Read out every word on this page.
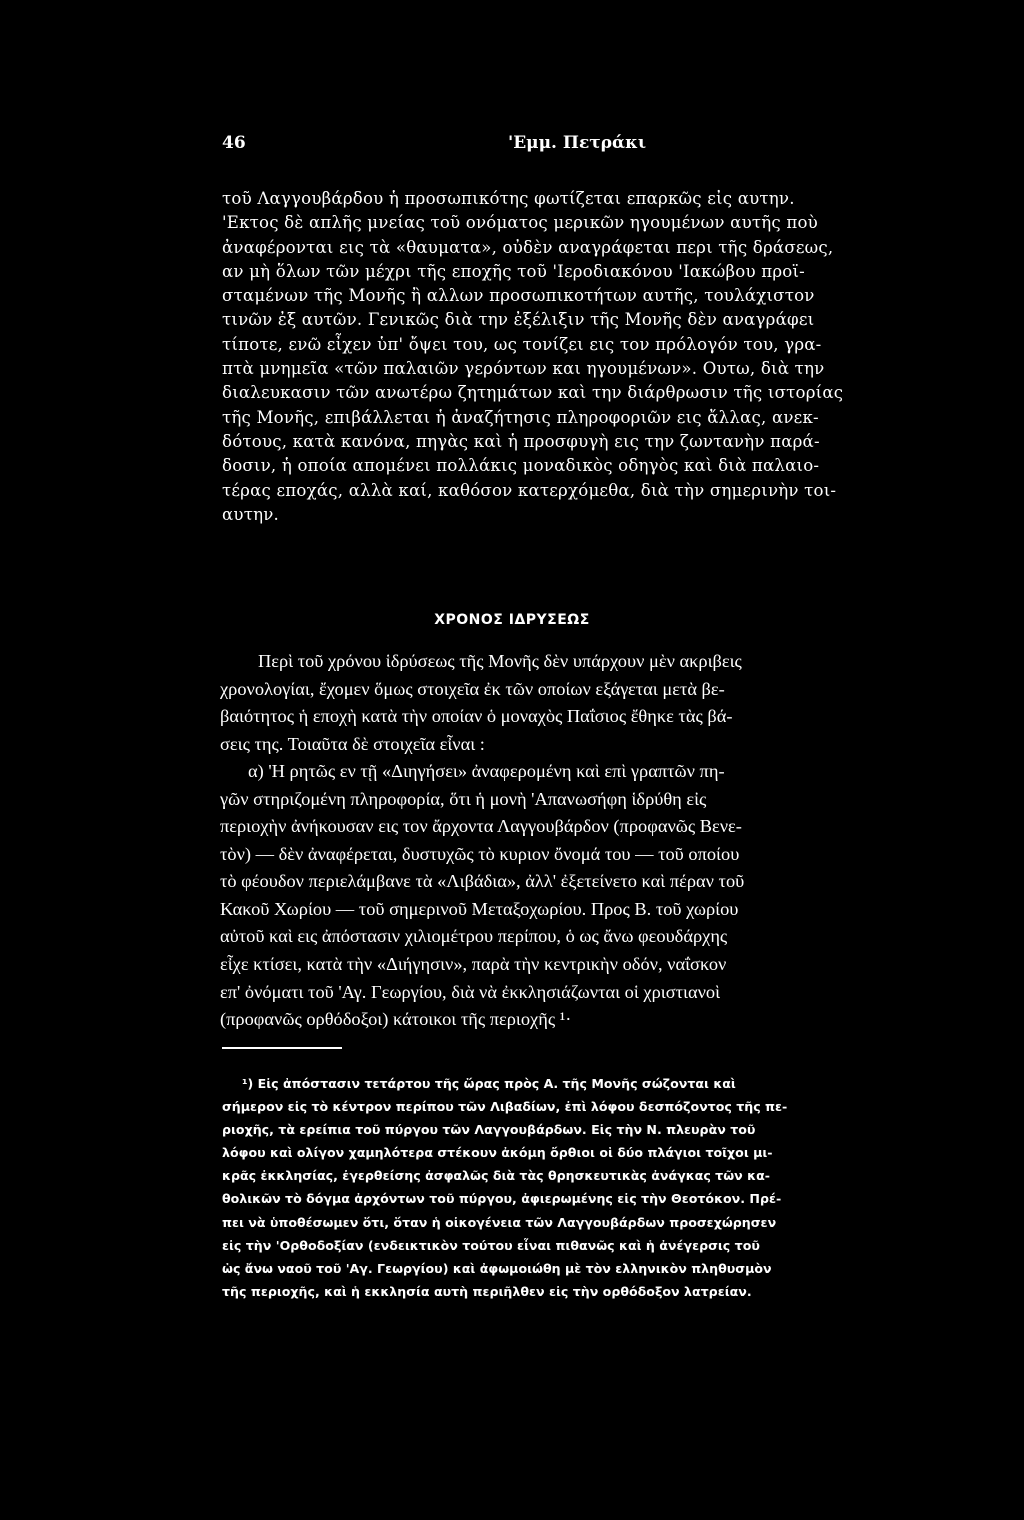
46	'Εμμ. Πετράκι
τοῦ Λαγγουβάρδου ἡ προσωπικότης φωτίζεται επαρκῶς εἰς αυτην.
'Εκτος δὲ απλῆς μνείας τοῦ ονόματος μερικῶν ηγουμένων αυτῆς ποὺ
ἀναφέρονται εις τὰ «θαυματα», οὐδὲν αναγράφεται περι τῆς δράσεως,
αν μὴ ὅλων τῶν μέχρι τῆς εποχῆς τοῦ 'Ιεροδιακόνου 'Ιακώβου προϊ-
σταμένων τῆς Μονῆς ἢ αλλων προσωπικοτήτων αυτῆς, τουλάχιστον
τινῶν ἐξ αυτῶν. Γενικῶς διὰ την ἐξέλιξιν τῆς Μονῆς δὲν αναγράφει
τίποτε, ενῶ εἶχεν ὑπ' ὄψει του, ως τονίζει εις τον πρόλογόν του, γρα-
πτὰ μνημεῖα «τῶν παλαιῶν γερόντων και ηγουμένων». Ουτω, διὰ την
διαλευκασιν τῶν ανωτέρω ζητημάτων καὶ την διάρθρωσιν τῆς ιστορίας
τῆς Μονῆς, επιβάλλεται ἡ ἀναζήτησις πληροφοριῶν εις ἄλλας, ανεκ-
δότους, κατὰ κανόνα, πηγὰς καὶ ἡ προσφυγὴ εις την ζωντανὴν παρά-
δοσιν, ἡ οποία απομένει πολλάκις μοναδικὸς οδηγὸς καὶ διὰ παλαιο-
τέρας εποχάς, αλλὰ καί, καθόσον κατερχόμεθα, διὰ τὴν σημερινὴν τοι-
αυτην.
ΧΡΟΝΟΣ ΙΔΡΥΣΕΩΣ
Περὶ τοῦ χρόνου ἱδρύσεως τῆς Μονῆς δὲν υπάρχουν μὲν ακριβεις
χρονολογίαι, ἔχομεν ὅμως στοιχεῖα ἐκ τῶν οποίων εξάγεται μετὰ βε-
βαιότητος ἡ εποχὴ κατὰ τὴν οποίαν ὁ μοναχὸς Παΐσιος ἔθηκε τὰς βά-
σεις της. Τοιαῦτα δὲ στοιχεῖα εἶναι :
α) 'Η ρητῶς εν τῇ «Διηγήσει» ἀναφερομένη καὶ επὶ γραπτῶν πη-
γῶν στηριζομένη πληροφορία, ὅτι ἡ μονὴ 'Απανωσήφη ἱδρύθη εἰς
περιοχὴν ἀνήκουσαν εις τον ἄρχοντα Λαγγουβάρδον (προφανῶς Βενε-
τὸν) — δὲν ἀναφέρεται, δυστυχῶς τὸ κυριον ὄνομά του — τοῦ οποίου
τὸ φέουδον περιελάμβανε τὰ «Λιβάδια», ἀλλ' ἐξετείνετο καὶ πέραν τοῦ
Κακοῦ Χωρίου — τοῦ σημερινοῦ Μεταξοχωρίου. Προς Β. τοῦ χωρίου
αὐτοῦ καὶ εις ἀπόστασιν χιλιομέτρου περίπου, ὁ ως ἄνω φεουδάρχης
εἶχε κτίσει, κατὰ τὴν «Διήγησιν», παρὰ τὴν κεντρικὴν οδόν, ναΐσκον
επ' ὀνόματι τοῦ 'Αγ. Γεωργίου, διὰ νὰ ἐκκλησιάζωνται οἱ χριστιανοὶ
(προφανῶς ορθόδοξοι) κάτοικοι τῆς περιοχῆς ¹·
¹) Εἰς ἀπόστασιν τετάρτου τῆς ὥρας πρὸς Α. τῆς Μονῆς σώζονται καὶ
σήμερον εἰς τὸ κέντρον περίπου τῶν Λιβαδίων, ἐπὶ λόφου δεσπόζοντος τῆς πε-
ριοχῆς, τὰ ερείπια τοῦ πύργου τῶν Λαγγουβάρδων. Εἰς τὴν Ν. πλευρὰν τοῦ
λόφου καὶ ολίγον χαμηλότερα στέκουν ἀκόμη ὄρθιοι οἱ δύο πλάγιοι τοῖχοι μι-
κρᾶς ἐκκλησίας, ἐγερθείσης ἀσφαλῶς διὰ τὰς θρησκευτικὰς ἀνάγκας τῶν κα-
θολικῶν τὸ δόγμα ἀρχόντων τοῦ πύργου, ἀφιερωμένης εἰς τὴν Θεοτόκον. Πρέ-
πει νὰ ὑποθέσωμεν ὅτι, ὅταν ἡ οἰκογένεια τῶν Λαγγουβάρδων προσεχώρησεν
εἰς τὴν 'Ορθοδοξίαν (ενδεικτικὸν τούτου εἶναι πιθανῶς καὶ ἡ ἀνέγερσις τοῦ
ὡς ἄνω ναοῦ τοῦ 'Αγ. Γεωργίου) καὶ ἀφωμοιώθη μὲ τὸν ελληνικὸν πληθυσμὸν
τῆς περιοχῆς, καὶ ἡ εκκλησία αυτὴ περιῆλθεν εἰς τὴν ορθόδοξον λατρείαν.
